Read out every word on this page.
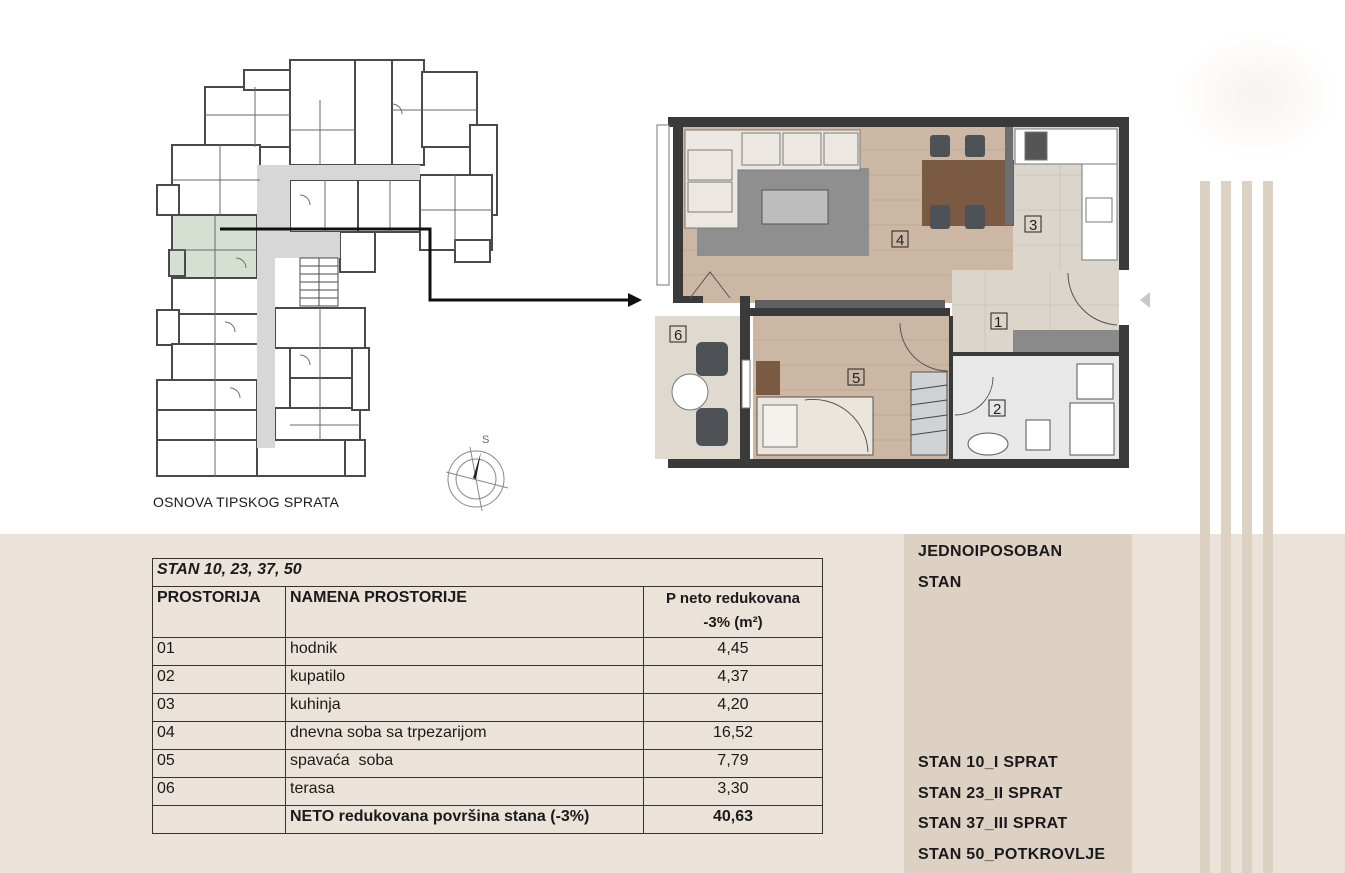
S
1
2
3
4
5
6
OSNOVA TIPSKOG SPRATA
STAN 10, 23, 37, 50		
PROSTORIJA	NAMENA PROSTORIJE	P neto redukovana
-3% (m²)

01	hodnik	4,45
02	kupatilo	4,37
03	kuhinja	4,20
04	dnevna soba sa trpezarijom	16,52
05	spavaća  soba	7,79
06	terasa	3,30
	NETO redukovana površina stana (-3%)	40,63
JEDNOIPOSOBAN
STAN
STAN 10_I SPRAT
STAN 23_II SPRAT
STAN 37_III SPRAT
STAN 50_POTKROVLJE
